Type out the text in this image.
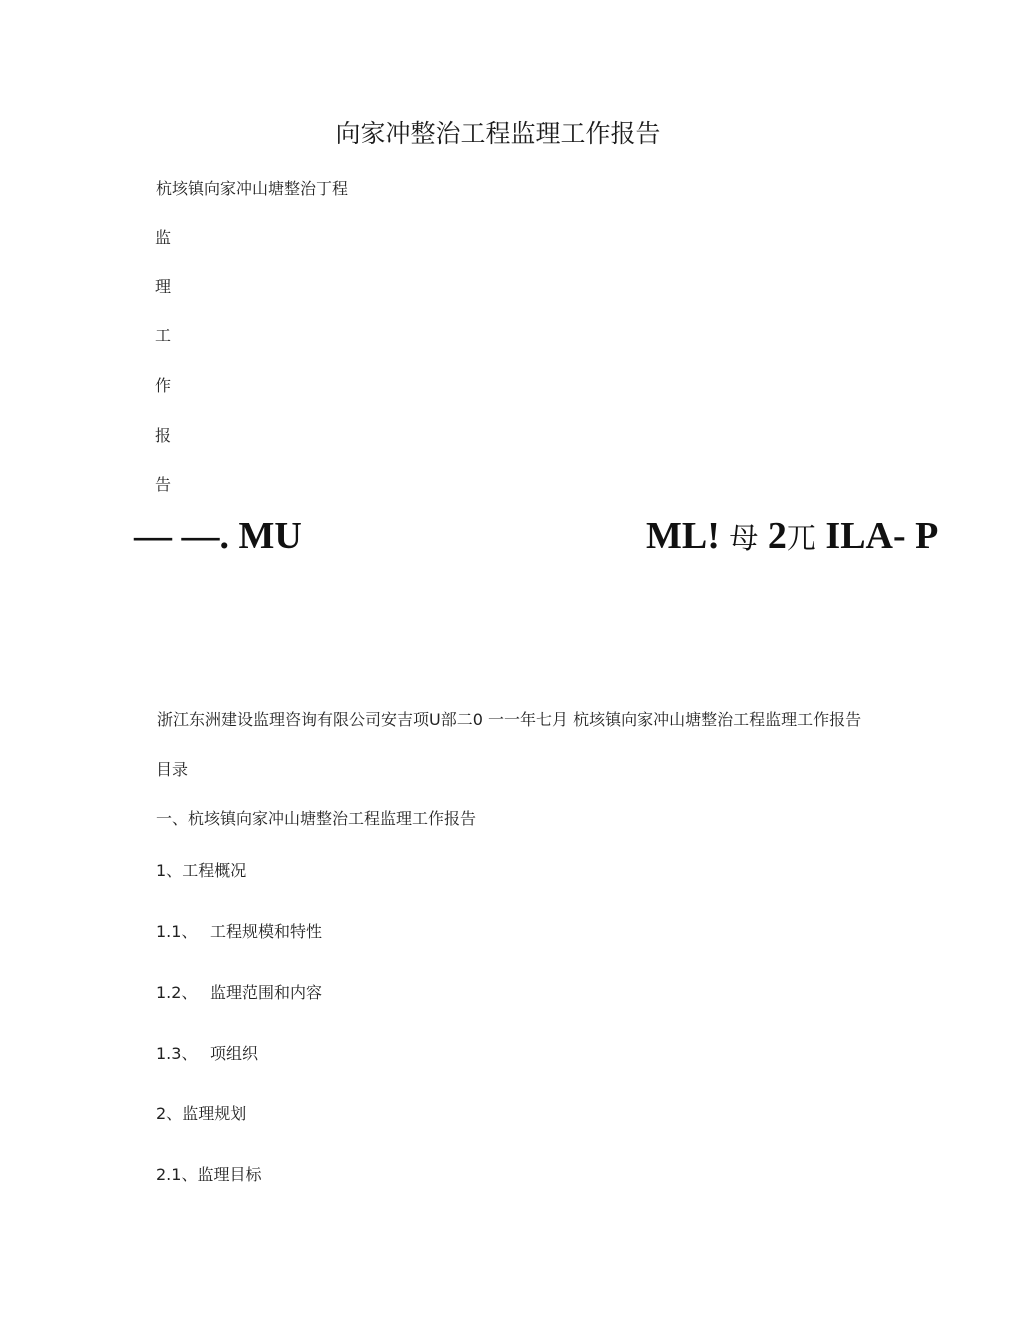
向家冲整治工程监理工作报告
杭垓镇向家冲山塘整治丁程
监
理
工
作
报
告
— —. MU	ML! 母 2兀 ILA- P
浙江东洲建设监理咨询有限公司安吉项U部二0 一一年七月 杭垓镇向家冲山塘整治工程监理工作报告
目录
一、杭垓镇向家冲山塘整治工程监理工作报告
1、工程概况
1.1、 工程规模和特性
1.2、 监理范围和内容
1.3、 项组织
2、监理规划
2.1、监理目标
